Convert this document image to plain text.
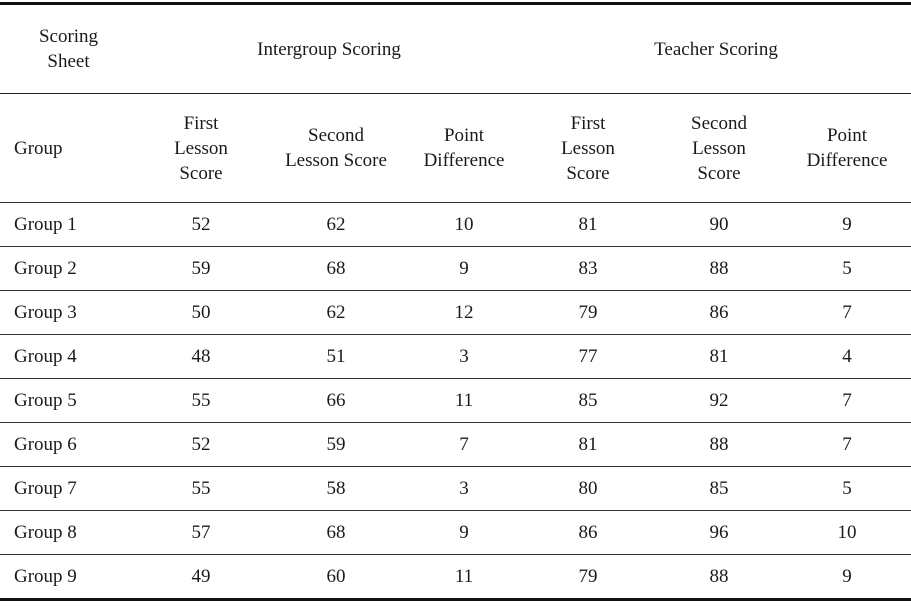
Scoring
Sheet	Intergroup Scoring			Teacher Scoring		
Group	First
Lesson
Score	Second
Lesson Score	Point
Difference	First
Lesson
Score	Second
Lesson
Score	Point
Difference

Group 1	52	62	10	81	90	9
Group 2	59	68	9	83	88	5
Group 3	50	62	12	79	86	7
Group 4	48	51	3	77	81	4
Group 5	55	66	11	85	92	7
Group 6	52	59	7	81	88	7
Group 7	55	58	3	80	85	5
Group 8	57	68	9	86	96	10
Group 9	49	60	11	79	88	9
